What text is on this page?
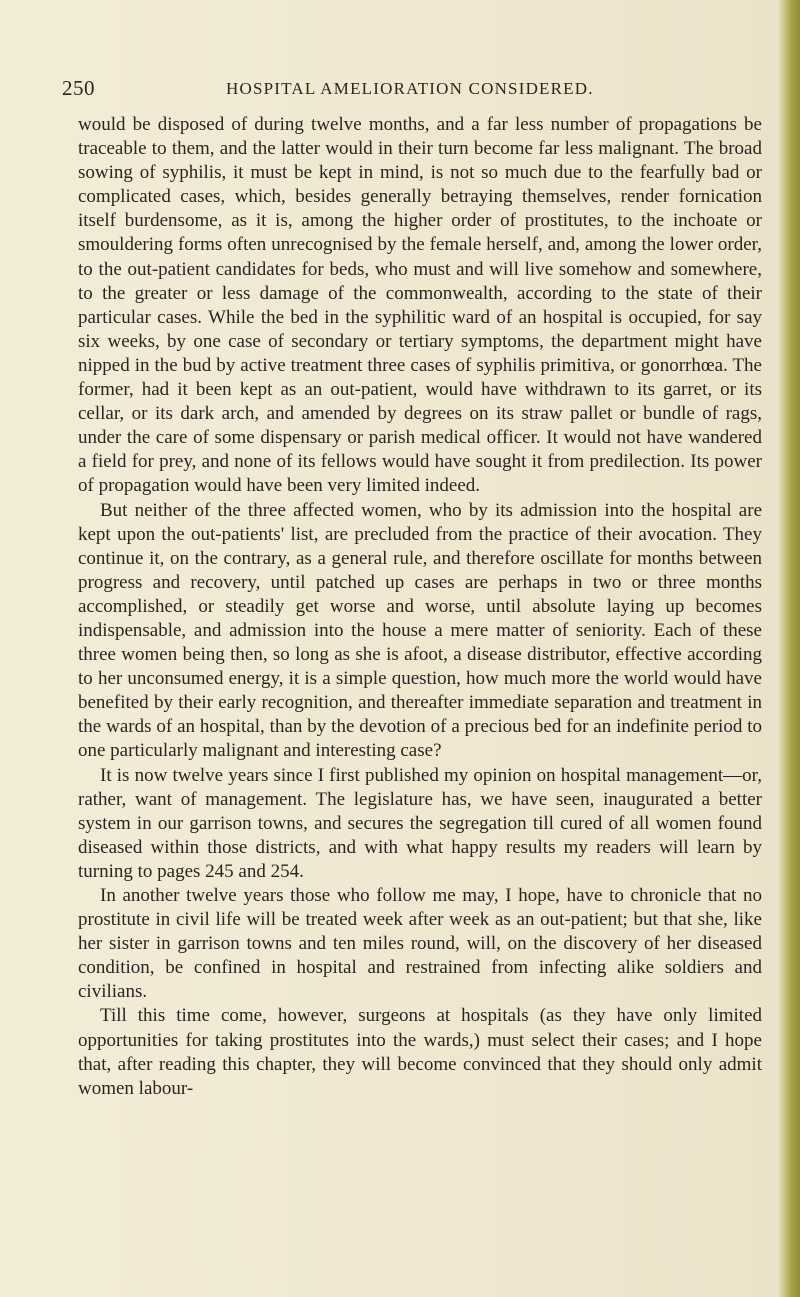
250	HOSPITAL AMELIORATION CONSIDERED.

would be disposed of during twelve months, and a far less number of propagations be traceable to them, and the latter would in their turn become far less malignant. The broad sowing of syphilis, it must be kept in mind, is not so much due to the fearfully bad or complicated cases, which, besides generally betraying themselves, render fornication itself burdensome, as it is, among the higher order of prostitutes, to the inchoate or smouldering forms often unrecognised by the female herself, and, among the lower order, to the out-patient candidates for beds, who must and will live somehow and somewhere, to the greater or less damage of the commonwealth, according to the state of their particular cases. While the bed in the syphilitic ward of an hospital is occupied, for say six weeks, by one case of secondary or tertiary symptoms, the department might have nipped in the bud by active treatment three cases of syphilis primitiva, or gonorrhœa. The former, had it been kept as an out-patient, would have withdrawn to its garret, or its cellar, or its dark arch, and amended by degrees on its straw pallet or bundle of rags, under the care of some dispensary or parish medical officer. It would not have wandered a field for prey, and none of its fellows would have sought it from predilection. Its power of propagation would have been very limited indeed.

But neither of the three affected women, who by its admission into the hospital are kept upon the out-patients' list, are precluded from the practice of their avocation. They continue it, on the contrary, as a general rule, and therefore oscillate for months between progress and recovery, until patched up cases are perhaps in two or three months accomplished, or steadily get worse and worse, until absolute laying up becomes indispensable, and admission into the house a mere matter of seniority. Each of these three women being then, so long as she is afoot, a disease distributor, effective according to her unconsumed energy, it is a simple question, how much more the world would have benefited by their early recognition, and thereafter immediate separation and treatment in the wards of an hospital, than by the devotion of a precious bed for an indefinite period to one particularly malignant and interesting case?

It is now twelve years since I first published my opinion on hospital management—or, rather, want of management. The legislature has, we have seen, inaugurated a better system in our garrison towns, and secures the segregation till cured of all women found diseased within those districts, and with what happy results my readers will learn by turning to pages 245 and 254.

In another twelve years those who follow me may, I hope, have to chronicle that no prostitute in civil life will be treated week after week as an out-patient; but that she, like her sister in garrison towns and ten miles round, will, on the discovery of her diseased condition, be confined in hospital and restrained from infecting alike soldiers and civilians.

Till this time come, however, surgeons at hospitals (as they have only limited opportunities for taking prostitutes into the wards,) must select their cases; and I hope that, after reading this chapter, they will become convinced that they should only admit women labour-
